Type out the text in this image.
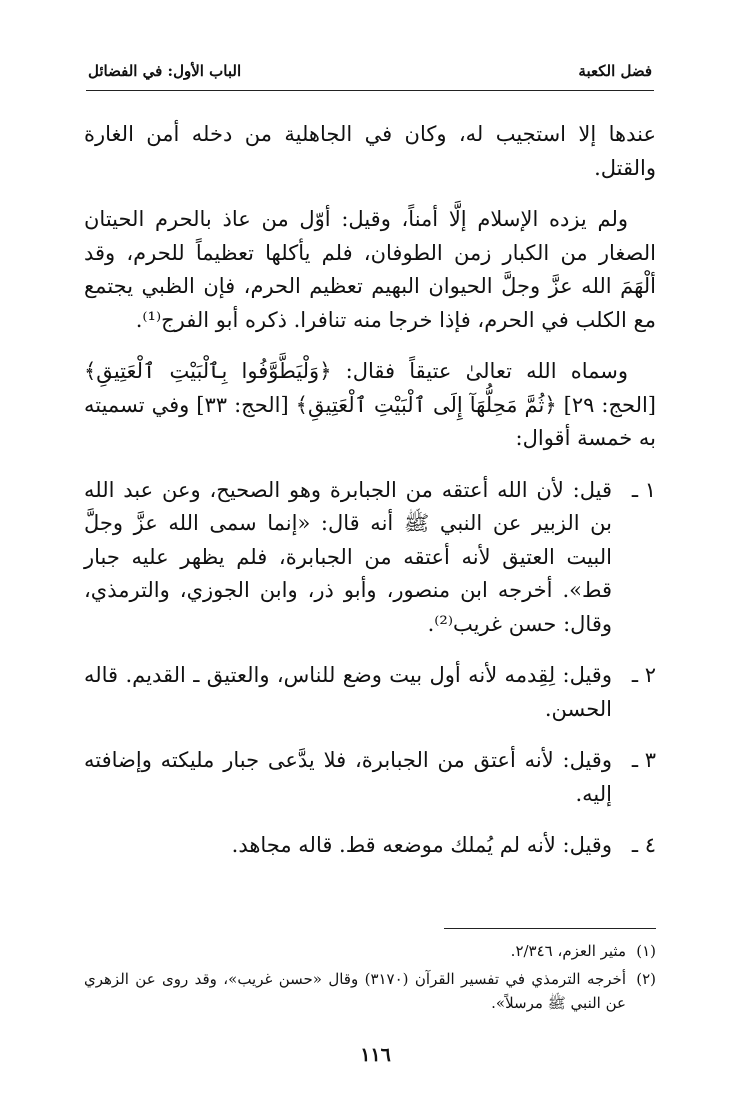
فضل الكعبة
الباب الأول: في الفضائل

عندها إلا استجيب له، وكان في الجاهلية من دخله أمن الغارة والقتل.

ولم يزده الإسلام إلَّا أمناً، وقيل: أوّل من عاذ بالحرم الحيتان الصغار من الكبار زمن الطوفان، فلم يأكلها تعظيماً للحرم، وقد ألْهَمَ الله عزَّ وجلَّ الحيوان البهيم تعظيم الحرم، فإن الظبي يجتمع مع الكلب في الحرم، فإذا خرجا منه تنافرا. ذكره أبو الفرج⁽¹⁾.

وسماه الله تعالىٰ عتيقاً فقال: ﴿وَلْيَطَّوَّفُوا بِٱلْبَيْتِ ٱلْعَتِيقِ﴾ [الحج: ٢٩] ﴿ثُمَّ مَحِلُّهَآ إِلَى ٱلْبَيْتِ ٱلْعَتِيقِ﴾ [الحج: ٣٣] وفي تسميته به خمسة أقوال:

١ ـ
قيل: لأن الله أعتقه من الجبابرة وهو الصحيح، وعن عبد الله بن الزبير عن النبي ﷺ أنه قال: «إنما سمى الله عزَّ وجلَّ البيت العتيق لأنه أعتقه من الجبابرة، فلم يظهر عليه جبار قط». أخرجه ابن منصور، وأبو ذر، وابن الجوزي، والترمذي، وقال: حسن غريب⁽²⁾.
٢ ـ
وقيل: لِقِدمه لأنه أول بيت وضع للناس، والعتيق ـ القديم. قاله الحسن.
٣ ـ
وقيل: لأنه أعتق من الجبابرة، فلا يدَّعى جبار مليكته وإضافته إليه.
٤ ـ
وقيل: لأنه لم يُملك موضعه قط. قاله مجاهد.
(١)
مثير العزم، ٢/٣٤٦.
(٢)
أخرجه الترمذي في تفسير القرآن (٣١٧٠) وقال «حسن غريب»، وقد روى عن الزهري عن النبي ﷺ مرسلاً».
١١٦
